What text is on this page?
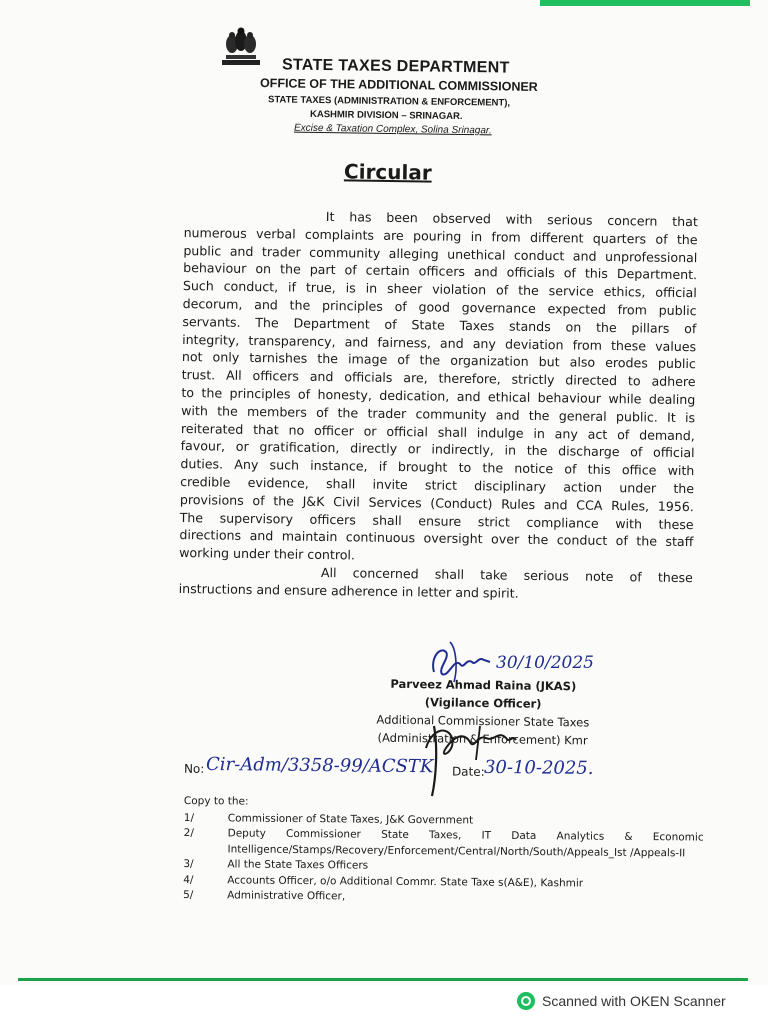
STATE TAXES DEPARTMENT
OFFICE OF THE ADDITIONAL COMMISSIONER
STATE TAXES (ADMINISTRATION & ENFORCEMENT),
KASHMIR DIVISION – SRINAGAR.
Excise & Taxation Complex, Solina Srinagar.
Circular
It has been observed with serious concern that
numerous verbal complaints are pouring in from different quarters of the
public and trader community alleging unethical conduct and unprofessional
behaviour on the part of certain officers and officials of this Department.
Such conduct, if true, is in sheer violation of the service ethics, official
decorum, and the principles of good governance expected from public
servants. The Department of State Taxes stands on the pillars of
integrity, transparency, and fairness, and any deviation from these values
not only tarnishes the image of the organization but also erodes public
trust. All officers and officials are, therefore, strictly directed to adhere
to the principles of honesty, dedication, and ethical behaviour while dealing
with the members of the trader community and the general public. It is
reiterated that no officer or official shall indulge in any act of demand,
favour, or gratification, directly or indirectly, in the discharge of official
duties. Any such instance, if brought to the notice of this office with
credible evidence, shall invite strict disciplinary action under the
provisions of the J&K Civil Services (Conduct) Rules and CCA Rules, 1956.
The supervisory officers shall ensure strict compliance with these
directions and maintain continuous oversight over the conduct of the staff
working under their control.
All concerned shall take serious note of these
instructions and ensure adherence in letter and spirit.
30/10/2025
Parveez Ahmad Raina (JKAS)
(Vigilance Officer)
Additional Commissioner State Taxes
(Administration & Enforcement) Kmr
No: Cir-Adm/3358-99/ACSTK Date: 30-10-2025.
Copy to the:
1/	Commissioner of State Taxes, J&K Government
2/	Deputy Commissioner State Taxes, IT Data Analytics & Economic Intelligence/Stamps/Recovery/Enforcement/Central/North/South/Appeals_Ist /Appeals-II
3/	All the State Taxes Officers
4/	Accounts Officer, o/o Additional Commr. State Taxe s(A&E), Kashmir
5/	Administrative Officer,
Scanned with OKEN Scanner
